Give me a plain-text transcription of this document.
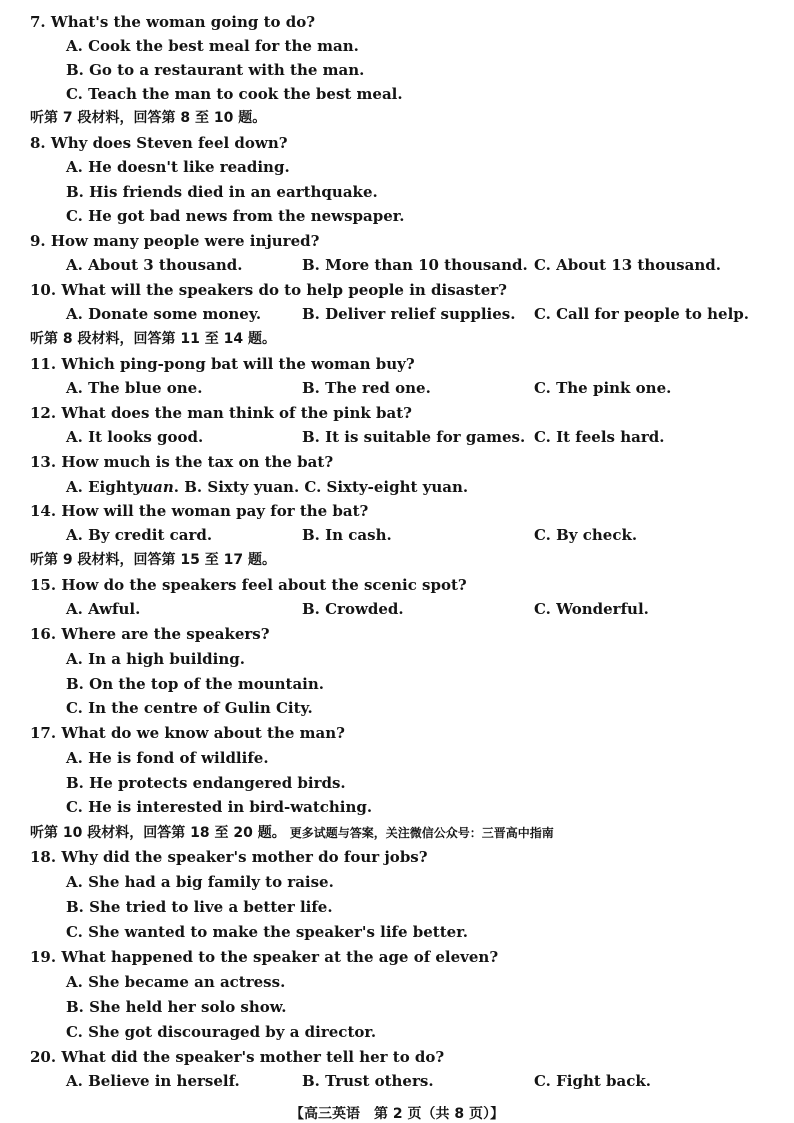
7. What's the woman going to do?
A. Cook the best meal for the man.
B. Go to a restaurant with the man.
C. Teach the man to cook the best meal.
听第 7 段材料，回答第 8 至 10 题。
8. Why does Steven feel down?
A. He doesn't like reading.
B. His friends died in an earthquake.
C. He got bad news from the newspaper.
9. How many people were injured?
A. About 3 thousand.	B. More than 10 thousand. C. About 13 thousand.
10. What will the speakers do to help people in disaster?
A. Donate some money.	B. Deliver relief supplies.	C. Call for people to help.
听第 8 段材料，回答第 11 至 14 题。
11. Which ping-pong bat will the woman buy?
A. The blue one.	B. The red one.	C. The pink one.
12. What does the man think of the pink bat?
A. It looks good.	B. It is suitable for games. C. It feels hard.
13. How much is the tax on the bat?
A. Eight yuan . B. Sixty yuan. C. Sixty-eight yuan.
14. How will the woman pay for the bat?
A. By credit card.	B. In cash.	C. By check.
听第 9 段材料，回答第 15 至 17 题。
15. How do the speakers feel about the scenic spot?
A. Awful.	B. Crowded.	C. Wonderful.
16. Where are the speakers?
A. In a high building.
B. On the top of the mountain.
C. In the centre of Gulin City.
17. What do we know about the man?
A. He is fond of wildlife.
B. He protects endangered birds.
C. He is interested in bird-watching.
听第 10 段材料，回答第 18 至 20 题。 更多试题与答案，关注微信公众号：三晋高中指南
18. Why did the speaker's mother do four jobs?
A. She had a big family to raise.
B. She tried to live a better life.
C. She wanted to make the speaker's life better.
19. What happened to the speaker at the age of eleven?
A. She became an actress.
B. She held her solo show.
C. She got discouraged by a director.
20. What did the speaker's mother tell her to do?
A. Believe in herself.	B. Trust others.	C. Fight back.
【高三英语　第 2 页（共 8 页）】
